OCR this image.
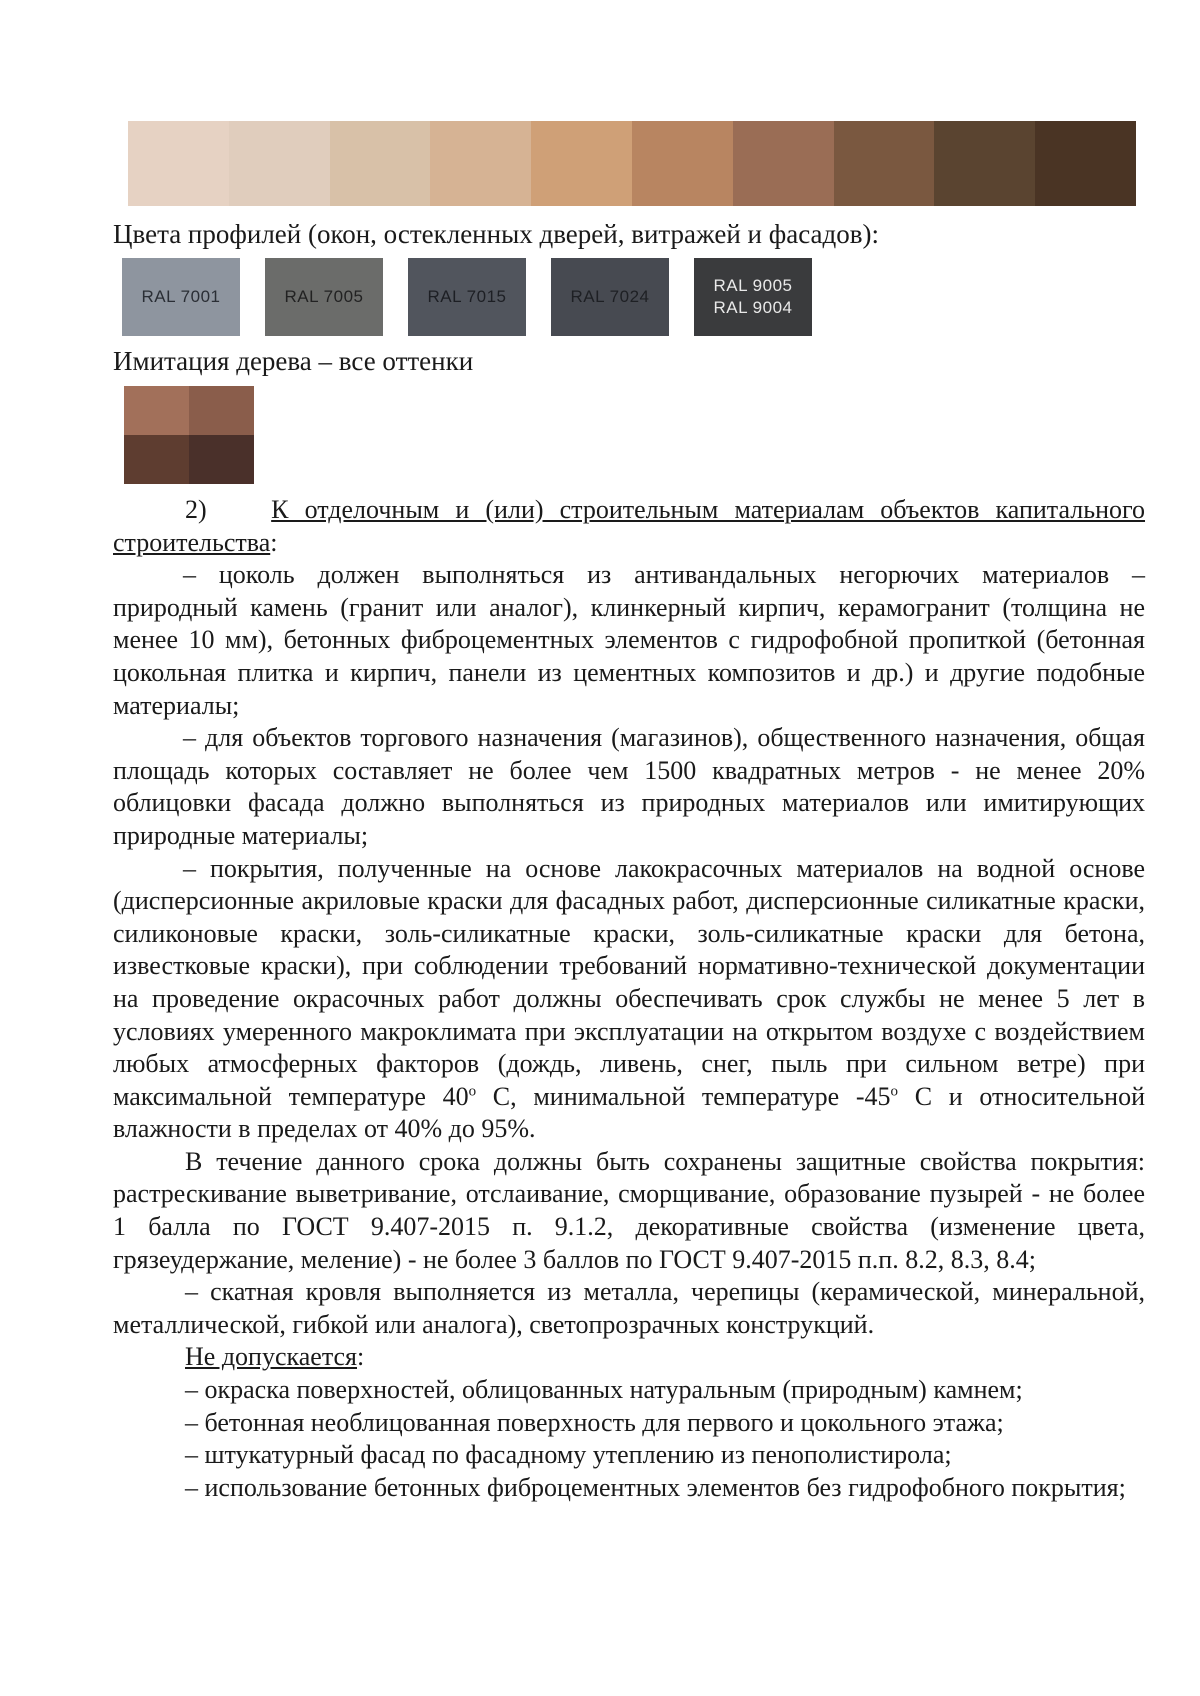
Цвета профилей (окон, остекленных дверей, витражей и фасадов):
RAL 7001	RAL 7005	RAL 7015	RAL 7024
RAL 9005
RAL 9004
Имитация дерева – все оттенки

2) К отделочным и (или) строительным материалам объектов капитального строительства:

– цоколь должен выполняться из антивандальных негорючих материалов – природный камень (гранит или аналог), клинкерный кирпич, керамогранит (толщина не менее 10 мм), бетонных фиброцементных элементов с гидрофобной пропиткой (бетонная цокольная плитка и кирпич, панели из цементных композитов и др.) и другие подобные материалы;

– для объектов торгового назначения (магазинов), общественного назначения, общая площадь которых составляет не более чем 1500 квадратных метров - не менее 20% облицовки фасада должно выполняться из природных материалов или имитирующих природные материалы;

– покрытия, полученные на основе лакокрасочных материалов на водной основе (дисперсионные акриловые краски для фасадных работ, дисперсионные силикатные краски, силиконовые краски, золь-силикатные краски, золь-силикатные краски для бетона, известковые краски), при соблюдении требований нормативно-технической документации на проведение окрасочных работ должны обеспечивать срок службы не менее 5 лет в условиях умеренного макроклимата при эксплуатации на открытом воздухе с воздействием любых атмосферных факторов (дождь, ливень, снег, пыль при сильном ветре) при максимальной температуре 40$^o$ С, минимальной температуре -45$^o$ С и относительной влажности в пределах от 40% до 95%.

В течение данного срока должны быть сохранены защитные свойства покрытия: растрескивание выветривание, отслаивание, сморщивание, образование пузырей - не более 1 балла по ГОСТ 9.407-2015 п. 9.1.2, декоративные свойства (изменение цвета, грязеудержание, меление) - не более 3 баллов по ГОСТ 9.407-2015 п.п. 8.2, 8.3, 8.4;

– скатная кровля выполняется из металла, черепицы (керамической, минеральной, металлической, гибкой или аналога), светопрозрачных конструкций.

Не допускается:

– окраска поверхностей, облицованных натуральным (природным) камнем;

– бетонная необлицованная поверхность для первого и цокольного этажа;

– штукатурный фасад по фасадному утеплению из пенополистирола;

– использование бетонных фиброцементных элементов без гидрофобного покрытия;
